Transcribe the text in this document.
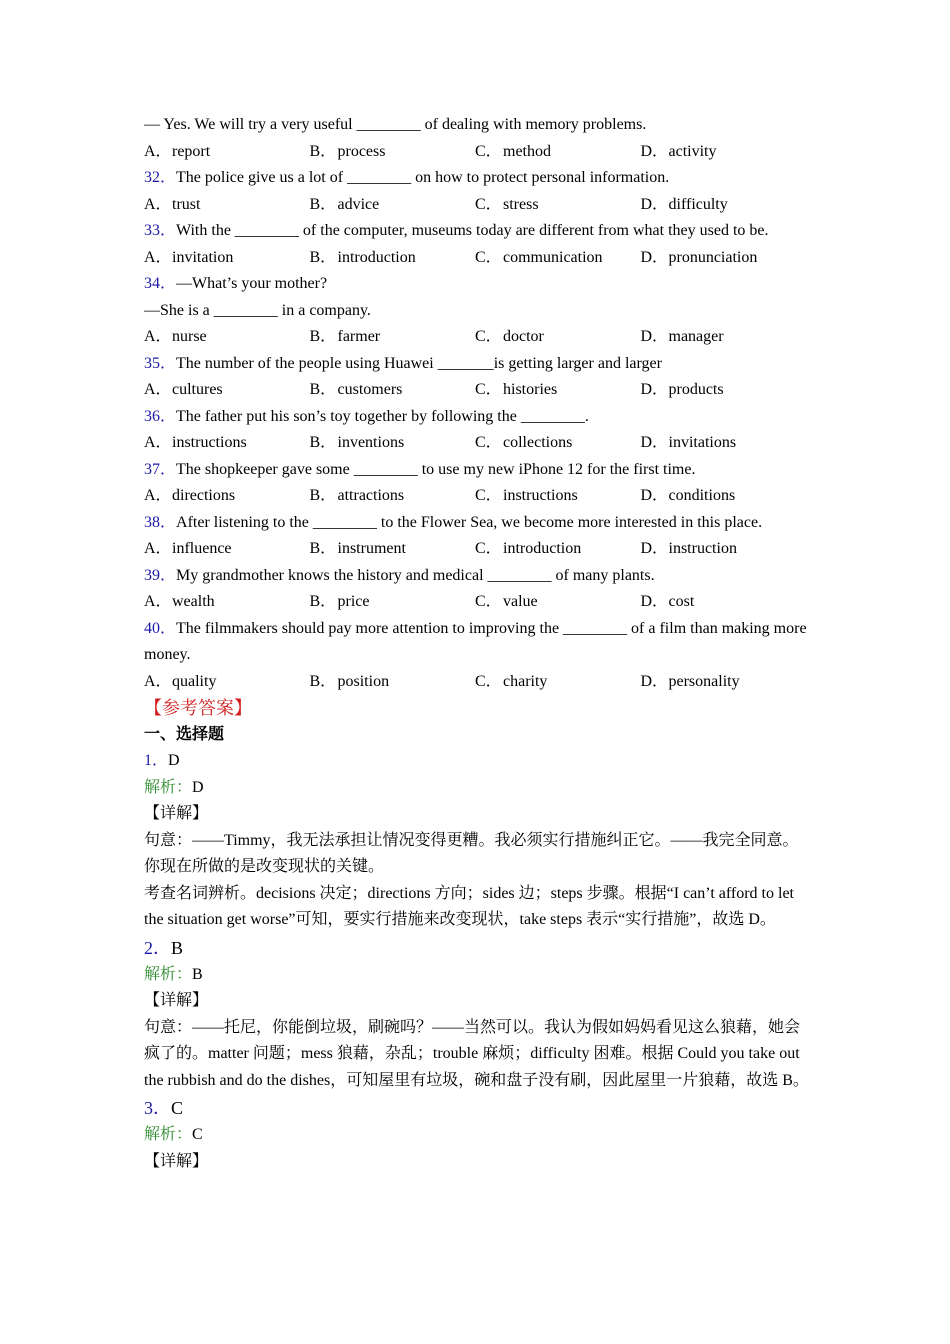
— Yes. We will try a very useful ________ of dealing with memory problems.
A．report	B．process	C．method	D．activity
32．The police give us a lot of ________ on how to protect personal information.
A．trust	B．advice	C．stress	D．difficulty
33．With the ________ of the computer, museums today are different from what they used to be.
A．invitation	B．introduction	C．communication	D．pronunciation
34．—What’s your mother?
—She is a ________ in a company.
A．nurse	B．farmer	C．doctor	D．manager
35．The number of the people using Huawei _______is getting larger and larger
A．cultures	B．customers	C．histories	D．products
36．The father put his son’s toy together by following the ________.
A．instructions	B．inventions	C．collections	D．invitations
37．The shopkeeper gave some ________ to use my new iPhone 12 for the first time.
A．directions	B．attractions	C．instructions	D．conditions
38．After listening to the ________ to the Flower Sea, we become more interested in this place.
A．influence	B．instrument	C．introduction	D．instruction
39．My grandmother knows the history and medical ________ of many plants.
A．wealth	B．price	C．value	D．cost
40．The filmmakers should pay more attention to improving the ________ of a film than making more money.
A．quality	B．position	C．charity	D．personality
【参考答案】
一、选择题
1．D
解析：D
【详解】
句意：——Timmy，我无法承担让情况变得更糟。我必须实行措施纠正它。——我完全同意。你现在所做的是改变现状的关键。
考查名词辨析。decisions 决定；directions 方向；sides 边；steps 步骤。根据“I can’t afford to let the situation get worse”可知，要实行措施来改变现状，take steps 表示“实行措施”，故选 D。
2．B
解析：B
【详解】
句意：——托尼，你能倒垃圾，刷碗吗？——当然可以。我认为假如妈妈看见这么狼藉，她会疯了的。matter 问题；mess 狼藉，杂乱；trouble 麻烦；difficulty 困难。根据 Could you take out the rubbish and do the dishes，可知屋里有垃圾，碗和盘子没有刷，因此屋里一片狼藉，故选 B。
3．C
解析：C
【详解】
